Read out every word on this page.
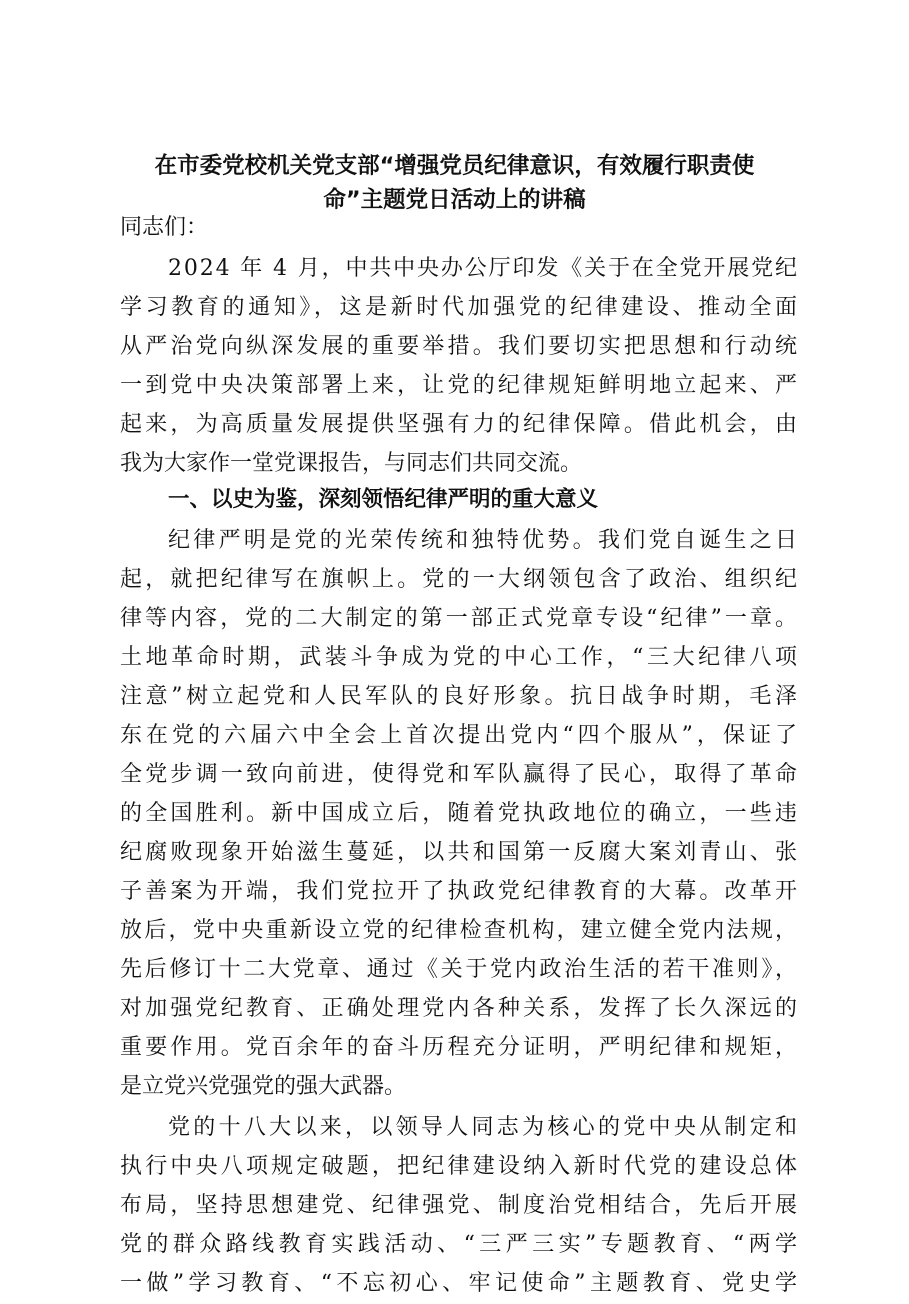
在市委党校机关党支部“增强党员纪律意识，有效履行职责使
命”主题党日活动上的讲稿
同志们：
2024 年 4 月，中共中央办公厅印发《关于在全党开展党纪
学习教育的通知》，这是新时代加强党的纪律建设、推动全面
从严治党向纵深发展的重要举措。我们要切实把思想和行动统
一到党中央决策部署上来，让党的纪律规矩鲜明地立起来、严
起来，为高质量发展提供坚强有力的纪律保障。借此机会，由
我为大家作一堂党课报告，与同志们共同交流。
一、以史为鉴，深刻领悟纪律严明的重大意义
纪律严明是党的光荣传统和独特优势。我们党自诞生之日
起，就把纪律写在旗帜上。党的一大纲领包含了政治、组织纪
律等内容，党的二大制定的第一部正式党章专设“纪律”一章。
土地革命时期，武装斗争成为党的中心工作，“三大纪律八项
注意”树立起党和人民军队的良好形象。抗日战争时期，毛泽
东在党的六届六中全会上首次提出党内“四个服从”，保证了
全党步调一致向前进，使得党和军队赢得了民心，取得了革命
的全国胜利。新中国成立后，随着党执政地位的确立，一些违
纪腐败现象开始滋生蔓延，以共和国第一反腐大案刘青山、张
子善案为开端，我们党拉开了执政党纪律教育的大幕。改革开
放后，党中央重新设立党的纪律检查机构，建立健全党内法规，
先后修订十二大党章、通过《关于党内政治生活的若干准则》，
对加强党纪教育、正确处理党内各种关系，发挥了长久深远的
重要作用。党百余年的奋斗历程充分证明，严明纪律和规矩，
是立党兴党强党的强大武器。
党的十八大以来，以领导人同志为核心的党中央从制定和
执行中央八项规定破题，把纪律建设纳入新时代党的建设总体
布局，坚持思想建党、纪律强党、制度治党相结合，先后开展
党的群众路线教育实践活动、“三严三实”专题教育、“两学
一做”学习教育、“不忘初心、牢记使命”主题教育、党史学
